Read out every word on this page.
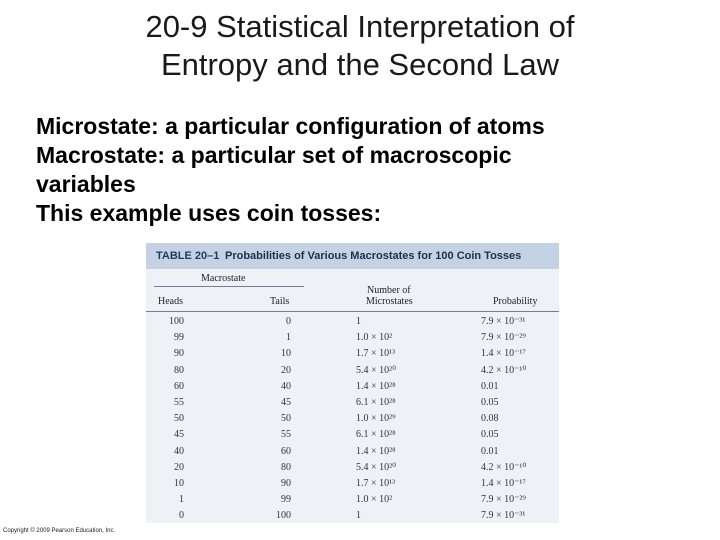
20-9 Statistical Interpretation of
Entropy and the Second Law
Microstate: a particular configuration of atoms
Macrostate: a particular set of macroscopic
variables
This example uses coin tosses:
TABLE 20–1 Probabilities of Various Macrostates for 100 Coin Tosses
Macrostate
Heads	Tails
Number of
Microstates	Probability
100	0	1	7.9 × 10⁻³¹
99	1	1.0 × 10²	7.9 × 10⁻²⁹
90	10	1.7 × 10¹³	1.4 × 10⁻¹⁷
80	20	5.4 × 10²⁰	4.2 × 10⁻¹⁰
60	40	1.4 × 10²⁸	0.01
55	45	6.1 × 10²⁸	0.05
50	50	1.0 × 10²⁹	0.08
45	55	6.1 × 10²⁸	0.05
40	60	1.4 × 10²⁸	0.01
20	80	5.4 × 10²⁰	4.2 × 10⁻¹⁰
10	90	1.7 × 10¹³	1.4 × 10⁻¹⁷
1	99	1.0 × 10²	7.9 × 10⁻²⁹
0	100	1	7.9 × 10⁻³¹
Copyright © 2009 Pearson Education, Inc.
